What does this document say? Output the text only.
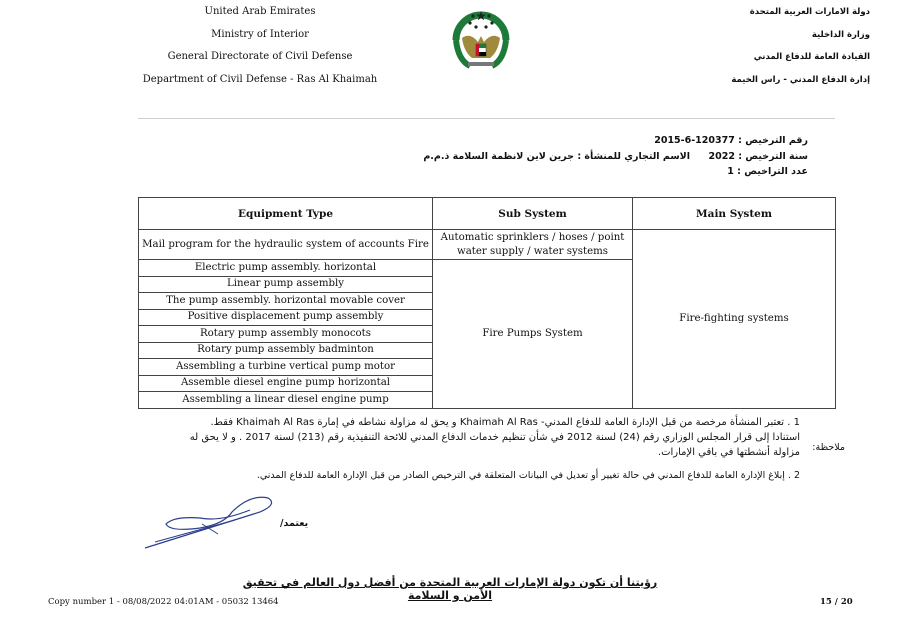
United Arab Emirates
Ministry of Interior
General Directorate of Civil Defense
Department of Civil Defense - Ras Al Khaimah
دولة الامارات العربية المتحدة
وزارة الداخلية
القيادة العامة للدفاع المدني
إدارة الدفاع المدني - راس الخيمة
رقم الترخيص : 2015-6-120377
سنة الترخيص : 2022
عدد التراخيص : 1
الاسم التجاري للمنشأة : جرين لاين لانظمة السلامة ذ.م.م
Equipment Type	Sub System	Main System
Mail program for the hydraulic system of accounts Fire	Automatic sprinklers / hoses / point water supply / water systems	Fire-fighting systems
Electric pump assembly. horizontal	Fire Pumps System	
Linear pump assembly		
The pump assembly. horizontal movable cover		
Positive displacement pump assembly		
Rotary pump assembly monocots		
Rotary pump assembly badminton		
Assembling a turbine vertical pump motor		
Assemble diesel engine pump horizontal		
Assembling a linear diesel engine pump		
1 . تعتبر المنشأة مرخصة من قبل الإدارة العامة للدفاع المدني- Khaimah Al Ras و يحق له مزاولة نشاطه في إمارة Khaimah Al Ras فقط.
استنادا إلى قرار المجلس الوزاري رقم (24) لسنة 2012 في شأن تنظيم خدمات الدفاع المدني للائحة التنفيذية رقم (213) لسنة 2017 . و لا يحق له
مزاولة أنشطتها في باقي الإمارات.	ملاحظة:
2 . إبلاغ الإدارة العامة للدفاع المدني في حالة تغيير أو تعديل في البيانات المتعلقة في الترخيص الصادر من قبل الإدارة العامة للدفاع المدني.
يعتمد/
رؤيتنا أن تكون دولة الإمارات العربية المتحدة من أفضل دول العالم في تحقيق الأمن و السلامة
Copy number 1 - 08/08/2022 04:01AM - 05032 13464	15 / 20
